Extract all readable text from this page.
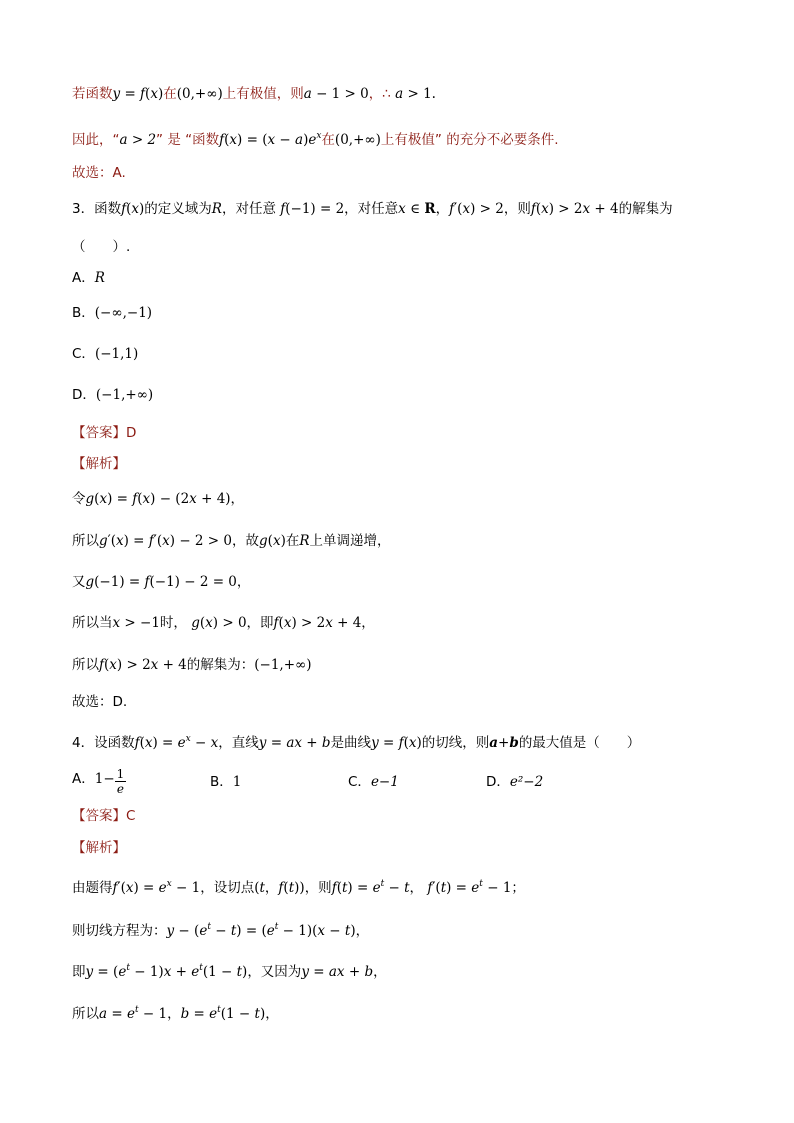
若函数y = f(x)在(0,+∞)上有极值，则a − 1 > 0，∴ a > 1.
因此，“a > 2” 是 “函数$f(x) = (x - a)e^x$在(0,+∞)上有极值” 的充分不必要条件.
故选：A.
3．函数f(x)的定义域为R，对任意 f(−1) = 2，对任意x ∈ R，f′(x) > 2，则f(x) > 2x + 4的解集为
（　　）.
A．R
B．(−∞,−1)
C．(−1,1)
D．(−1,+∞)
【答案】D
【解析】
令g(x) = f(x) − (2x + 4)，
所以g′(x) = f′(x) − 2 > 0，故g(x)在R上单调递增，
又g(−1) = f(−1) − 2 = 0，
所以当x > −1时， g(x) > 0，即f(x) > 2x + 4，
所以f(x) > 2x + 4的解集为：(−1,+∞)
故选：D.
4．设函数$f(x) = e^x - x$，直线y = ax + b是曲线y = f(x)的切线，则a+b的最大值是（　　）
A．$1- \frac{1}{e}$	B．1	C．e−1	D．e²−2
【答案】C
【解析】
由题得$f'(x) = e^x - 1$，设切点(t，f(t))，则$f(t) = e^t - t$， $f'(t) = e^t - 1$；
则切线方程为：$y - (e^t - t) = (e^t - 1)(x - t)$，
即$y = (e^t - 1)x + e^t(1 - t)$，又因为y = ax + b，
所以$a = e^t - 1$，$b = e^t(1 - t)$，
